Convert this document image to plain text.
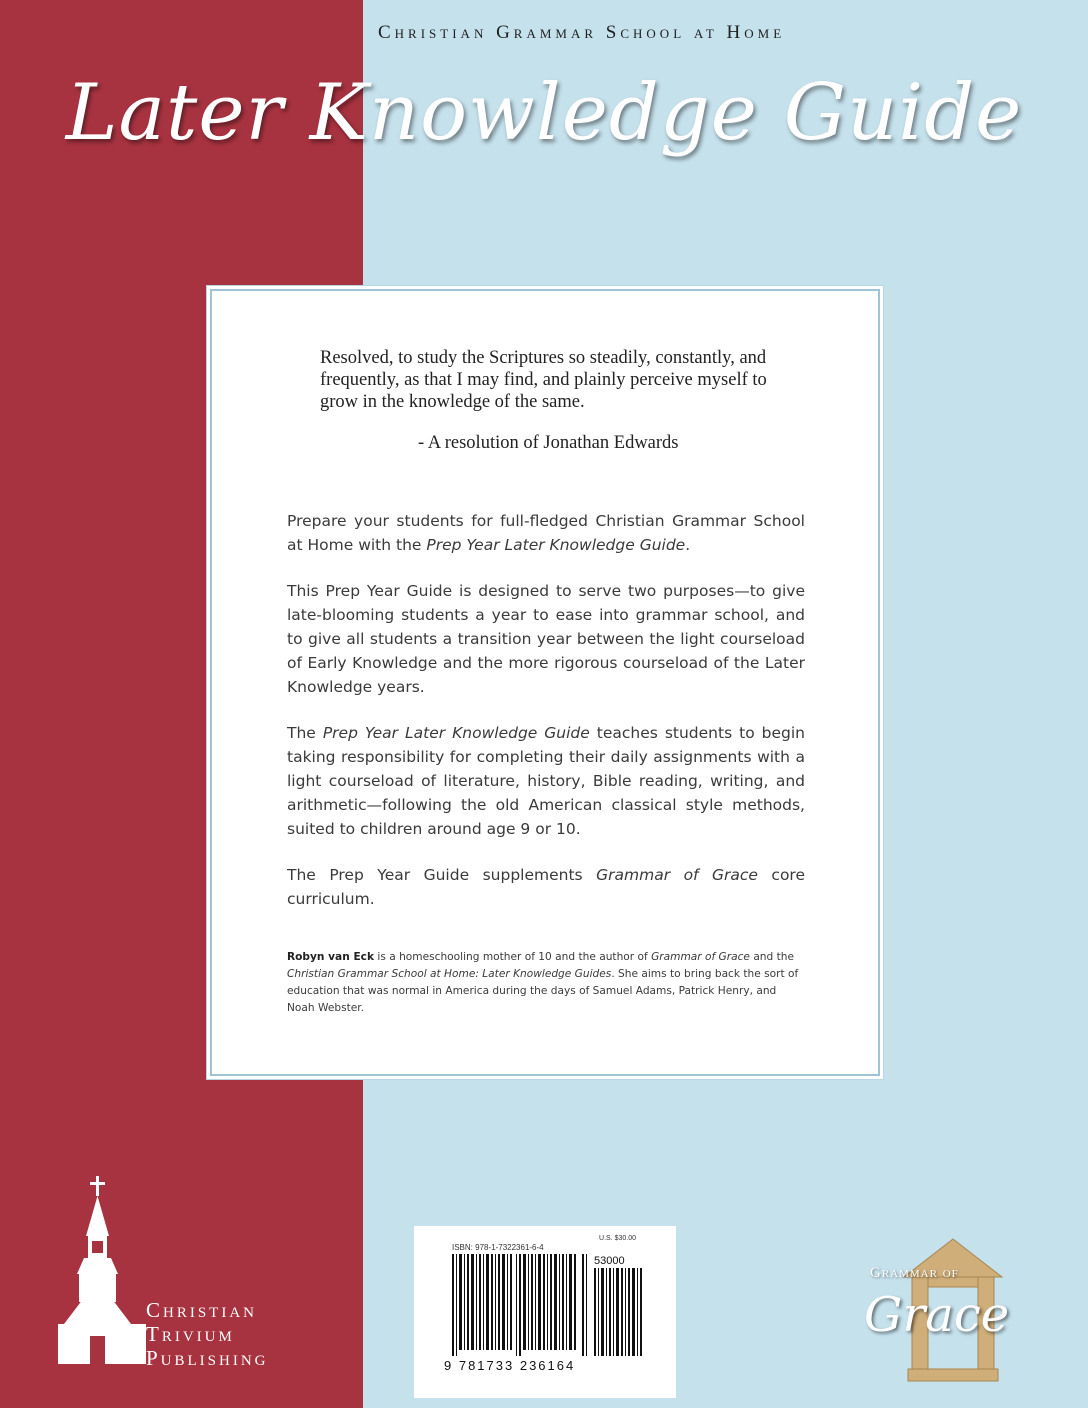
Christian Grammar School at Home
Later Knowledge Guide
Resolved, to study the Scriptures so steadily, constantly, and frequently, as that I may find, and plainly perceive myself to grow in the knowledge of the same.
- A resolution of Jonathan Edwards

Prepare your students for full-fledged Christian Grammar School at Home with the Prep Year Later Knowledge Guide.

This Prep Year Guide is designed to serve two purposes—to give late-blooming students a year to ease into grammar school, and to give all students a transition year between the light courseload of Early Knowledge and the more rigorous courseload of the Later Knowledge years.

The Prep Year Later Knowledge Guide teaches students to begin taking responsibility for completing their daily assignments with a light courseload of literature, history, Bible reading, writing, and arithmetic—following the old American classical style methods, suited to children around age 9 or 10.

The Prep Year Guide supplements Grammar of Grace core curriculum.

Robyn van Eck is a homeschooling mother of 10 and the author of Grammar of Grace and the Christian Grammar School at Home: Later Knowledge Guides. She aims to bring back the sort of education that was normal in America during the days of Samuel Adams, Patrick Henry, and Noah Webster.
Christian
Trivium
Publishing
U.S. $30.00
ISBN: 978-1-7322361-6-4
53000
9 781733 236164
Grammar of
Grace
